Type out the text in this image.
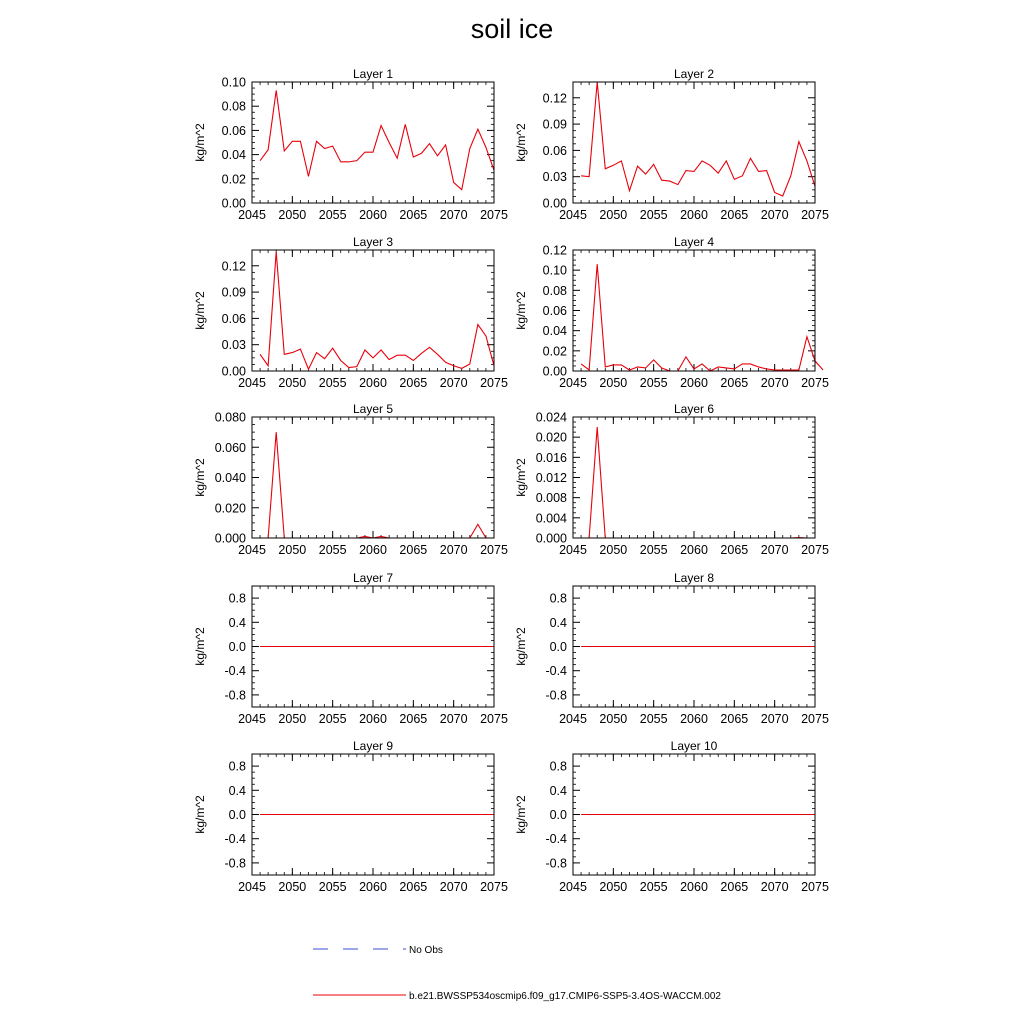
soil ice
Layer 1
2045 2050 2055 2060 2065 2070 2075
0.00
0.02
0.04
0.06
0.08
0.10
kg/m^2
Layer 2
2045 2050 2055 2060 2065 2070 2075
0.00
0.03
0.06
0.09
0.12
kg/m^2
Layer 3
2045 2050 2055 2060 2065 2070 2075
0.00
0.03
0.06
0.09
0.12
kg/m^2
Layer 4
2045 2050 2055 2060 2065 2070 2075
0.00
0.02
0.04
0.06
0.08
0.10
0.12
kg/m^2
Layer 5
2045 2050 2055 2060 2065 2070 2075
0.000
0.020
0.040
0.060
0.080
kg/m^2
Layer 6
2045 2050 2055 2060 2065 2070 2075
0.000
0.004
0.008
0.012
0.016
0.020
0.024
kg/m^2
Layer 7
2045 2050 2055 2060 2065 2070 2075
-0.8
-0.4
0.0
0.4
0.8
kg/m^2
Layer 8
2045 2050 2055 2060 2065 2070 2075
-0.8
-0.4
0.0
0.4
0.8
kg/m^2
Layer 9
2045 2050 2055 2060 2065 2070 2075
-0.8
-0.4
0.0
0.4
0.8
kg/m^2
Layer 10
2045 2050 2055 2060 2065 2070 2075
-0.8
-0.4
0.0
0.4
0.8
kg/m^2
No Obs
b.e21.BWSSP534oscmip6.f09_g17.CMIP6-SSP5-3.4OS-WACCM.002
